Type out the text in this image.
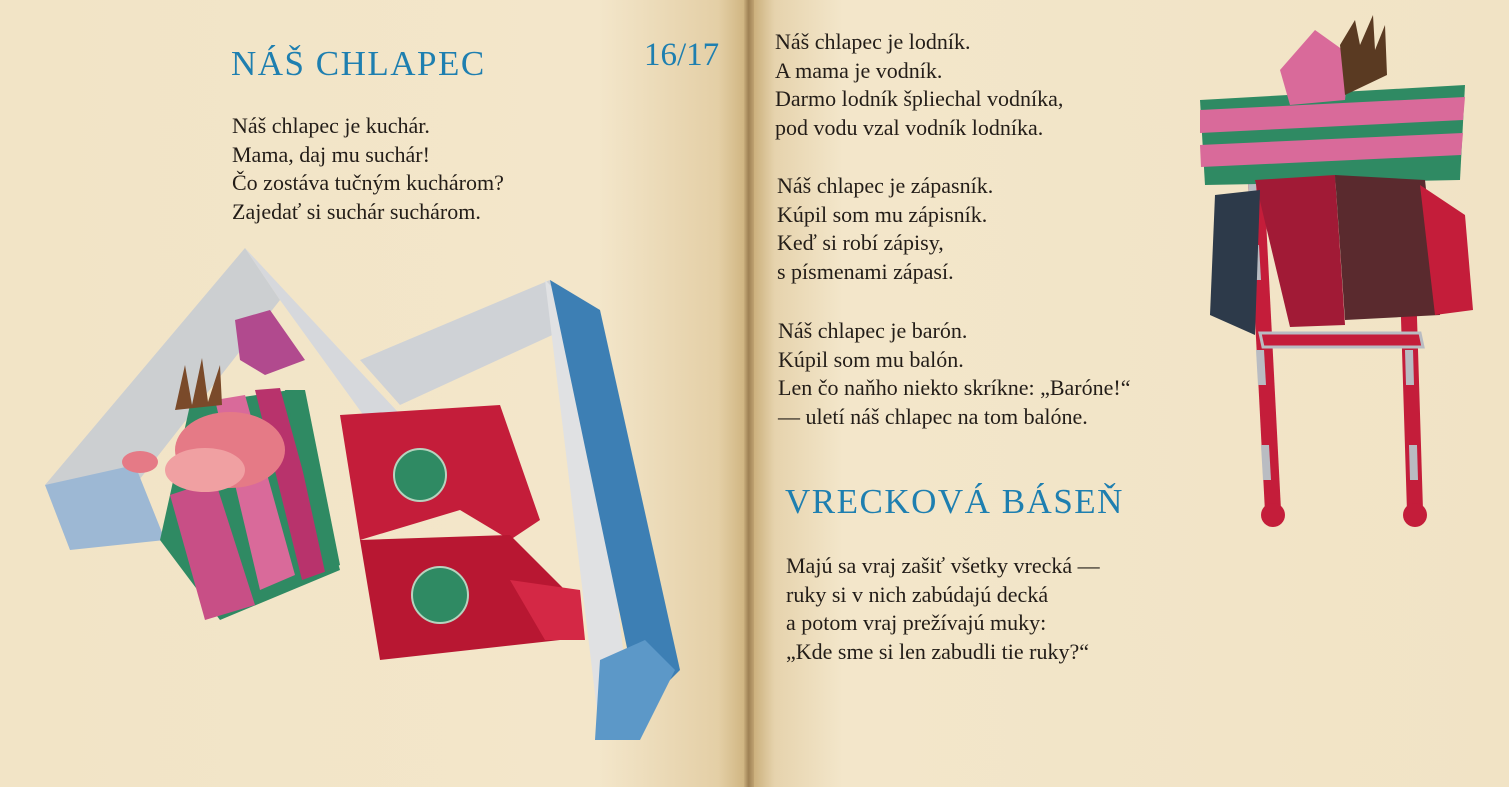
NÁŠ CHLAPEC	16/17
Náš chlapec je kuchár.
Mama, daj mu suchár!
Čo zostáva tučným kuchárom?
Zajedať si suchár suchárom.
Náš chlapec je lodník.
A mama je vodník.
Darmo lodník špliechal vodníka,
pod vodu vzal vodník lodníka.
Náš chlapec je zápasník.
Kúpil som mu zápisník.
Keď si robí zápisy,
s písmenami zápasí.
Náš chlapec je barón.
Kúpil som mu balón.
Len čo naňho niekto skríkne: „Baróne!“
— uletí náš chlapec na tom balóne.
VRECKOVÁ BÁSEŇ
Majú sa vraj zašiť všetky vrecká —
ruky si v nich zabúdajú decká
a potom vraj prežívajú muky:
„Kde sme si len zabudli tie ruky?“
